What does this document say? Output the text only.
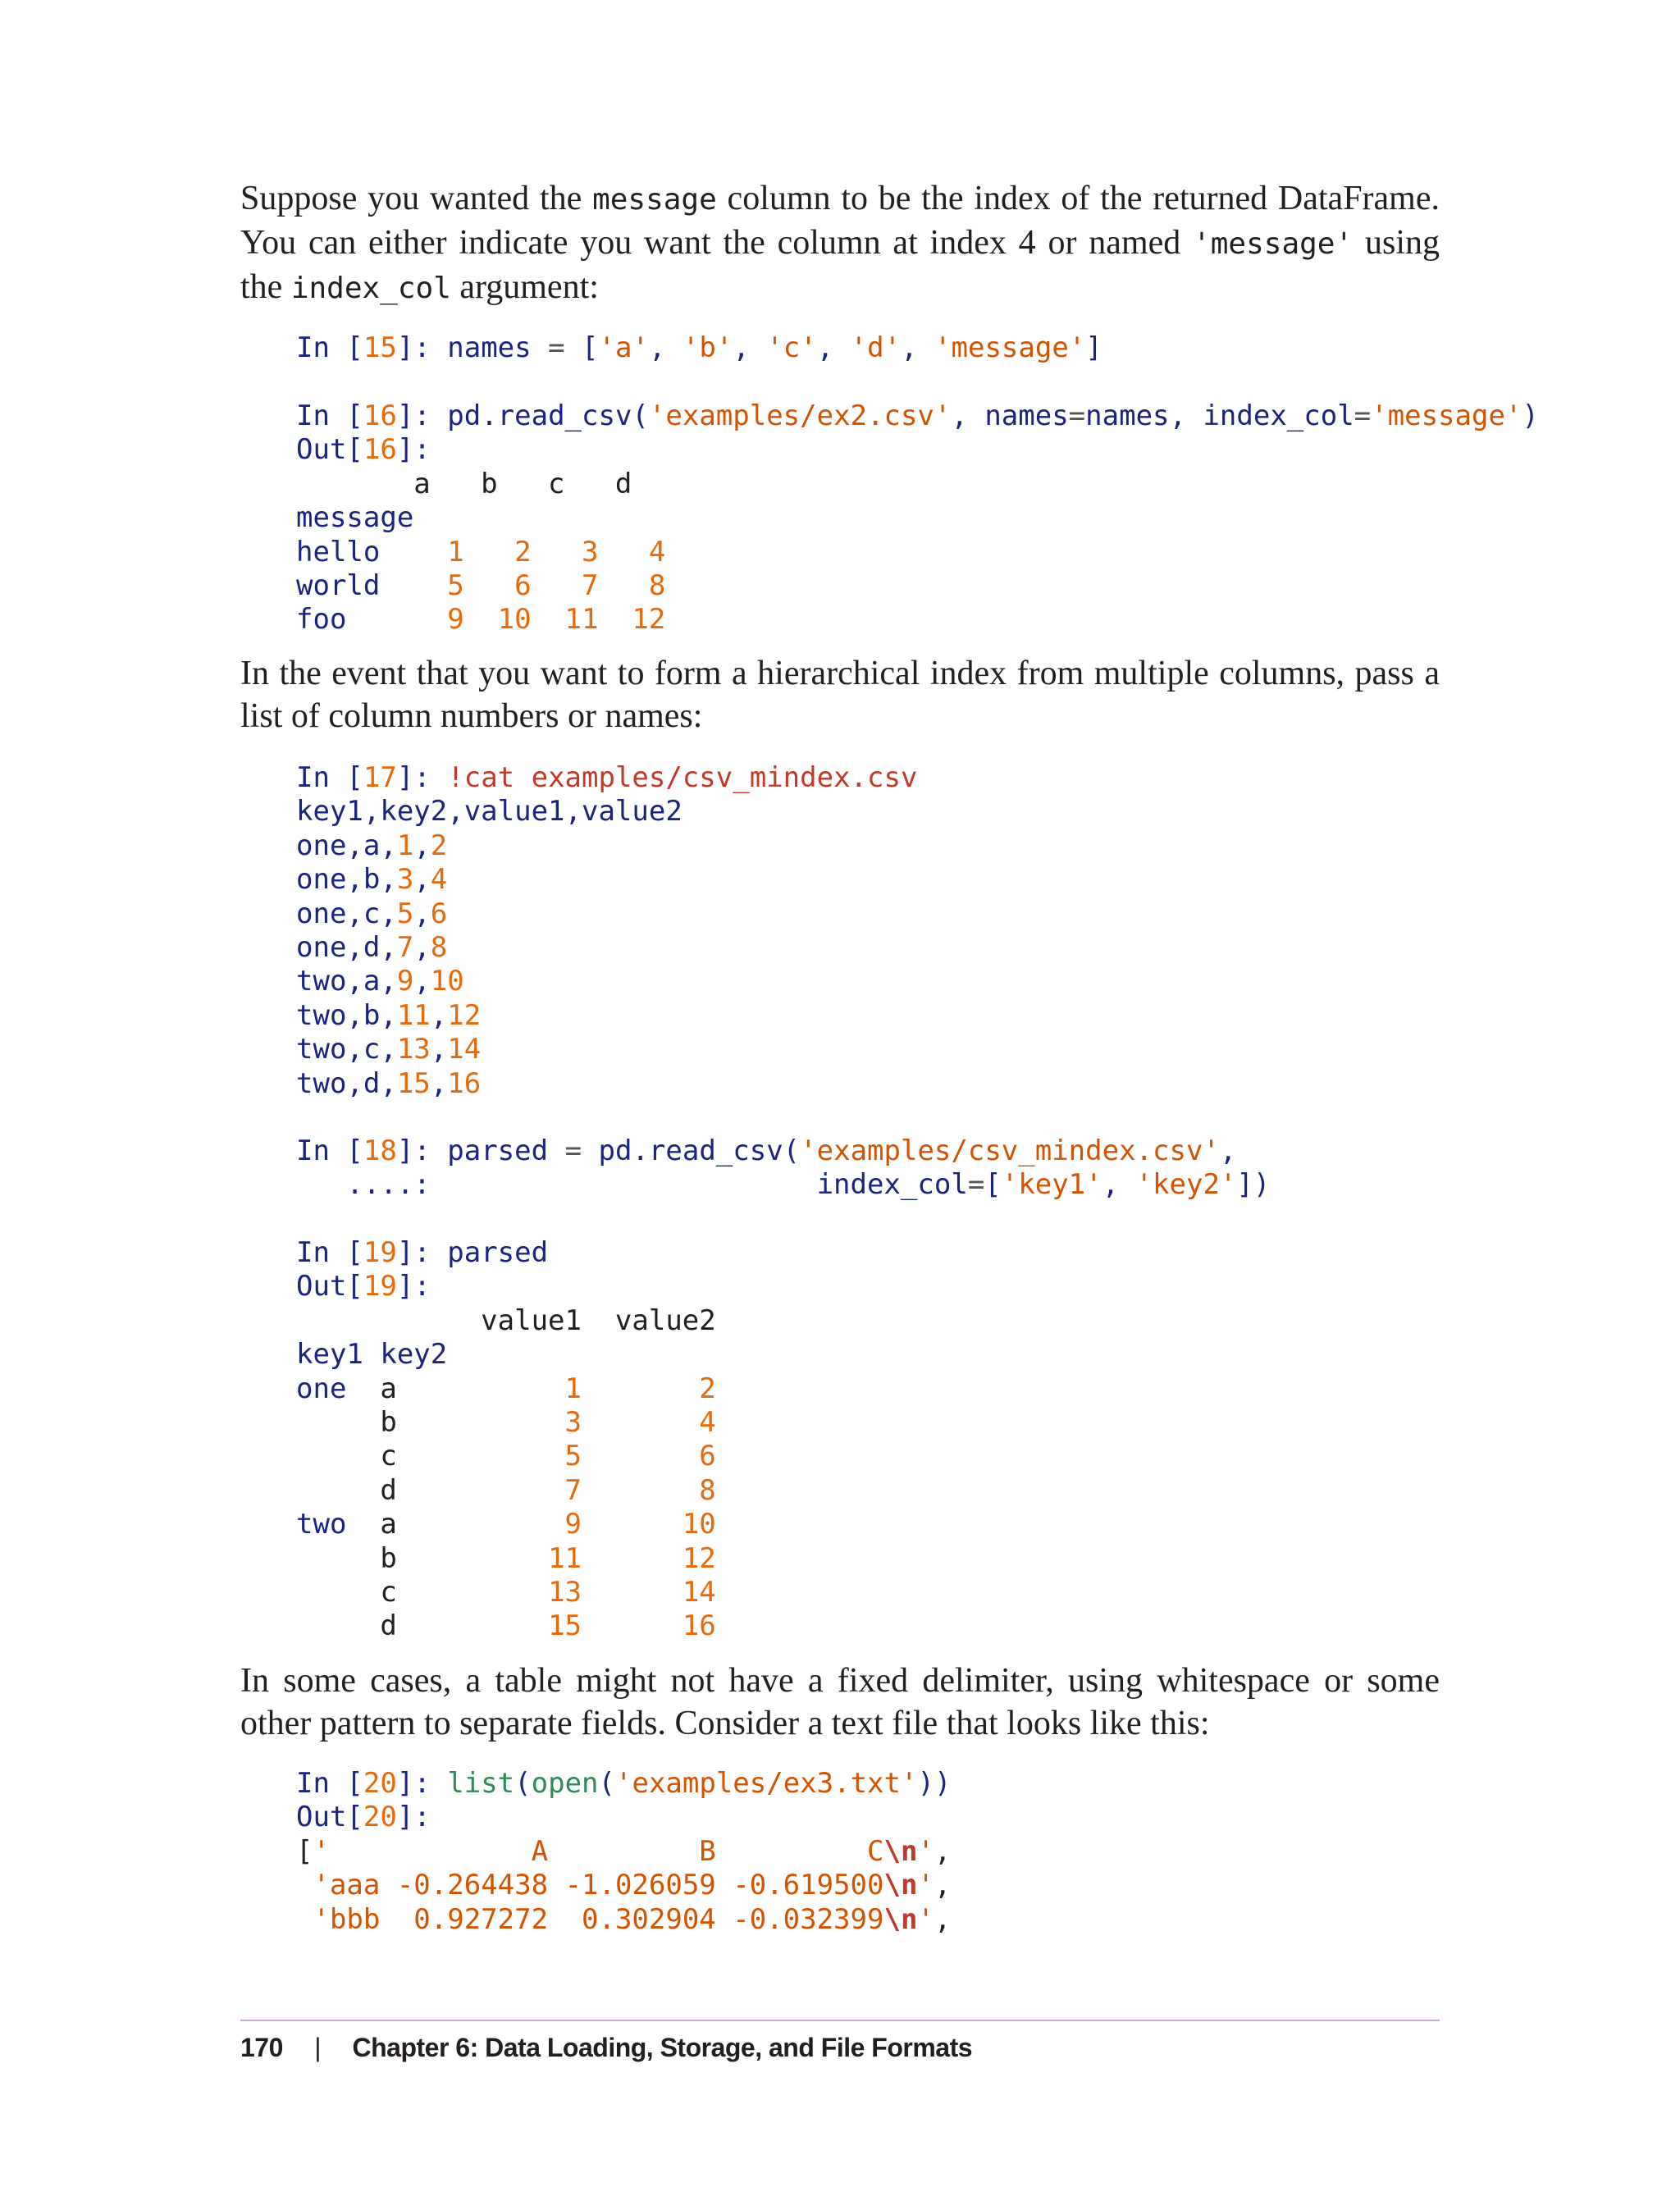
Suppose you wanted the message column to be the index of the returned DataFrame. You can either indicate you want the column at index 4 or named 'message' using the index_col argument:

In [15]: names = ['a', 'b', 'c', 'd', 'message']
In [16]: pd.read_csv('examples/ex2.csv', names=names, index_col='message')
Out[16]:
a   b   c   d
message
hello    1   2   3   4
world    5   6   7   8
foo      9  10  11  12

In the event that you want to form a hierarchical index from multiple columns, pass a list of column numbers or names:

In [17]: !cat examples/csv_mindex.csv
key1,key2,value1,value2
one,a,1,2
one,b,3,4
one,c,5,6
one,d,7,8
two,a,9,10
two,b,11,12
two,c,13,14
two,d,15,16
In [18]: parsed = pd.read_csv('examples/csv_mindex.csv',
....:	index_col=['key1', 'key2'])
In [19]: parsed
Out[19]:
value1  value2
key1 key2
one  a          1       2
b          3       4
c          5       6
d          7       8
two  a          9      10
b         11      12
c         13      14
d         15      16

In some cases, a table might not have a fixed delimiter, using whitespace or some other pattern to separate fields. Consider a text file that looks like this:

In [20]: list(open('examples/ex3.txt'))
Out[20]:
['            A         B         C\n',
'aaa -0.264438 -1.026059 -0.619500\n',
'bbb  0.927272  0.302904 -0.032399\n',
170 | Chapter 6: Data Loading, Storage, and File Formats
